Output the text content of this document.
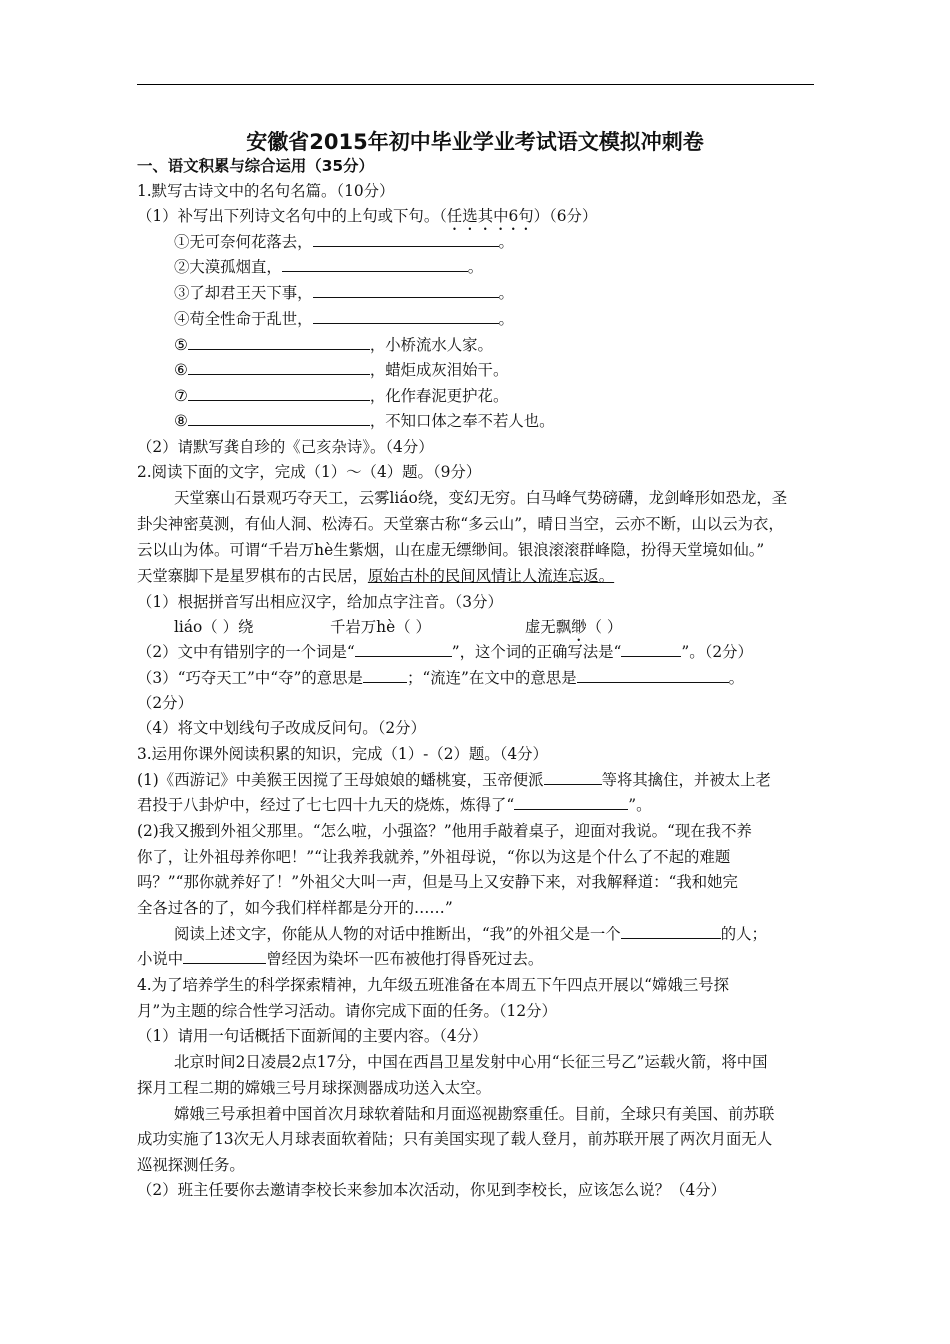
安徽省2015年初中毕业学业考试语文模拟冲刺卷
一、语文积累与综合运用（35分）
1.默写古诗文中的名句名篇。（10分）
（1）补写出下列诗文名句中的上句或下句。（任选其中6句）（6分）
①无可奈何花落去，	。
②大漠孤烟直，	。
③了却君王天下事，	。
④苟全性命于乱世，	。
⑤	，小桥流水人家。
⑥	，蜡炬成灰泪始干。
⑦	，化作春泥更护花。
⑧	，不知口体之奉不若人也。
（2）请默写龚自珍的《己亥杂诗》。（4分）
2.阅读下面的文字，完成（1）～（4）题。（9分）
天堂寨山石景观巧夺天工，云雾liáo绕，变幻无穷。白马峰气势磅礴，龙剑峰形如恐龙，圣
卦尖神密莫测，有仙人洞、松涛石。天堂寨古称“多云山”，晴日当空，云亦不断，山以云为衣，
云以山为体。可谓“千岩万hè生紫烟，山在虚无缥缈间。银浪滚滚群峰隐，扮得天堂境如仙。”
天堂寨脚下是星罗棋布的古民居，原始古朴的民间风情让人流连忘返。
（1）根据拼音写出相应汉字，给加点字注音。（3分）
liáo（ ）绕	千岩万hè（ ）	虚无飘缈（ ）
（2）文中有错别字的一个词是“	”，这个词的正确写法是“	”。（2分）
（3）“巧夺天工”中“夺”的意思是	；“流连”在文中的意思是	。
（2分）
（4）将文中划线句子改成反问句。（2分）
3.运用你课外阅读积累的知识，完成（1）-（2）题。（4分）
(1)《西游记》中美猴王因搅了王母娘娘的蟠桃宴，玉帝便派	等将其擒住，并被太上老
君投于八卦炉中，经过了七七四十九天的烧炼，炼得了“	”。
(2)我又搬到外祖父那里。“怎么啦，小强盗？”他用手敲着桌子，迎面对我说。“现在我不养
你了，让外祖母养你吧！”“让我养我就养，”外祖母说，“你以为这是个什么了不起的难题
吗？”“那你就养好了！”外祖父大叫一声，但是马上又安静下来，对我解释道：“我和她完
全各过各的了，如今我们样样都是分开的……”
阅读上述文字，你能从人物的对话中推断出，“我”的外祖父是一个	的人；
小说中	曾经因为染坏一匹布被他打得昏死过去。
4.为了培养学生的科学探索精神，九年级五班准备在本周五下午四点开展以“嫦娥三号探
月”为主题的综合性学习活动。请你完成下面的任务。（12分）
（1）请用一句话概括下面新闻的主要内容。（4分）
北京时间2日凌晨2点17分，中国在西昌卫星发射中心用“长征三号乙”运载火箭，将中国
探月工程二期的嫦娥三号月球探测器成功送入太空。
嫦娥三号承担着中国首次月球软着陆和月面巡视勘察重任。目前，全球只有美国、前苏联
成功实施了13次无人月球表面软着陆；只有美国实现了载人登月，前苏联开展了两次月面无人
巡视探测任务。
（2）班主任要你去邀请李校长来参加本次活动，你见到李校长，应该怎么说？（4分）
